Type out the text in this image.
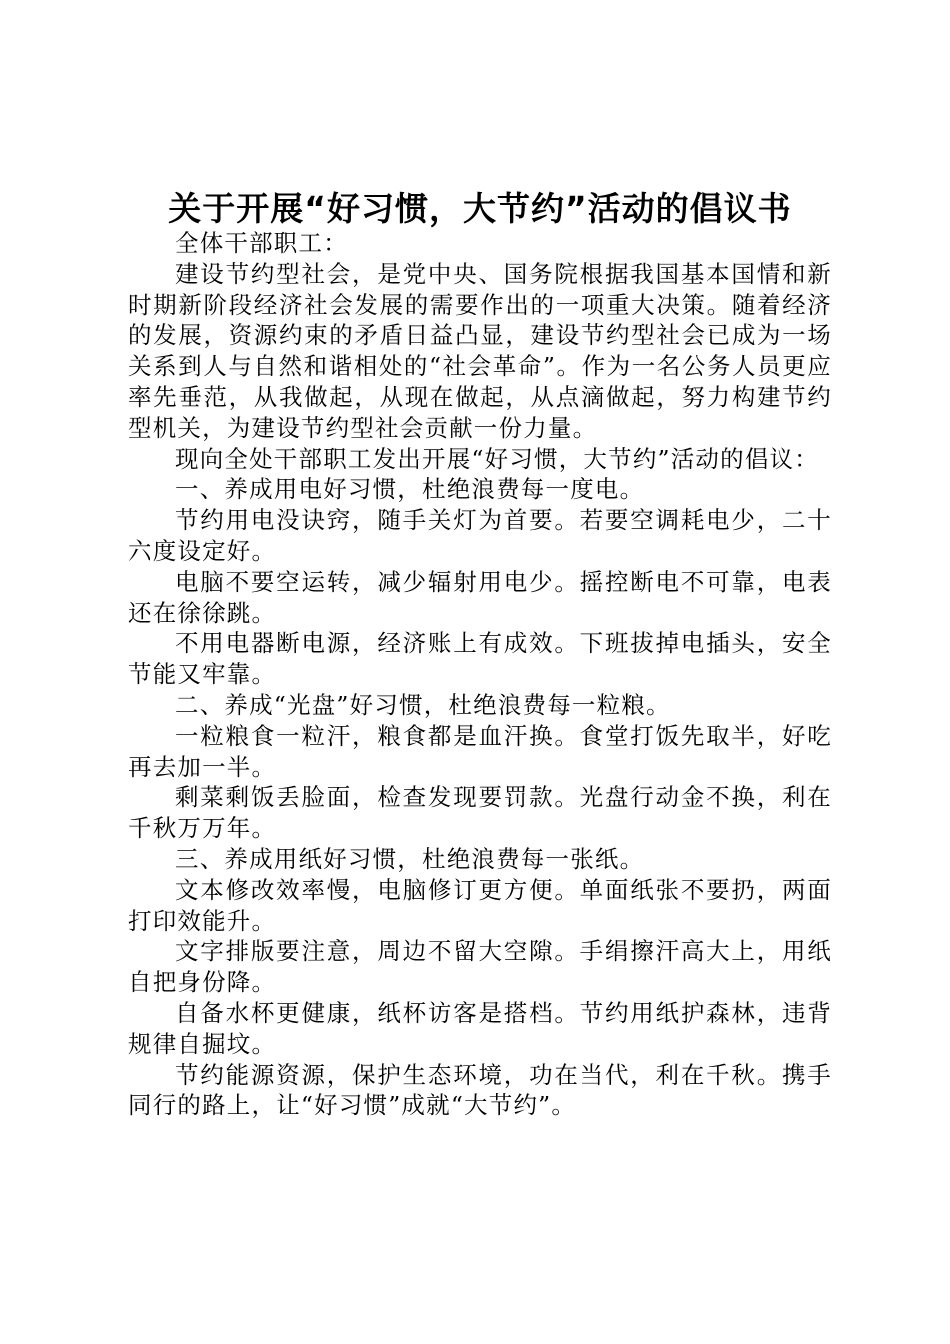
关于开展“好习惯，大节约”活动的倡议书

全体干部职工：

建设节约型社会，是党中央、国务院根据我国基本国情和新时期新阶段经济社会发展的需要作出的一项重大决策。随着经济的发展，资源约束的矛盾日益凸显，建设节约型社会已成为一场关系到人与自然和谐相处的“社会革命”。作为一名公务人员更应率先垂范，从我做起，从现在做起，从点滴做起，努力构建节约型机关，为建设节约型社会贡献一份力量。

现向全处干部职工发出开展“好习惯，大节约”活动的倡议：

一、养成用电好习惯，杜绝浪费每一度电。

节约用电没诀窍，随手关灯为首要。若要空调耗电少，二十六度设定好。

电脑不要空运转，减少辐射用电少。摇控断电不可靠，电表还在徐徐跳。

不用电器断电源，经济账上有成效。下班拔掉电插头，安全节能又牢靠。

二、养成“光盘”好习惯，杜绝浪费每一粒粮。

一粒粮食一粒汗，粮食都是血汗换。食堂打饭先取半，好吃再去加一半。

剩菜剩饭丢脸面，检查发现要罚款。光盘行动金不换，利在千秋万万年。

三、养成用纸好习惯，杜绝浪费每一张纸。

文本修改效率慢，电脑修订更方便。单面纸张不要扔，两面打印效能升。

文字排版要注意，周边不留大空隙。手绢擦汗高大上，用纸自把身份降。

自备水杯更健康，纸杯访客是搭档。节约用纸护森林，违背规律自掘坟。

节约能源资源，保护生态环境，功在当代，利在千秋。携手同行的路上，让“好习惯”成就“大节约”。
